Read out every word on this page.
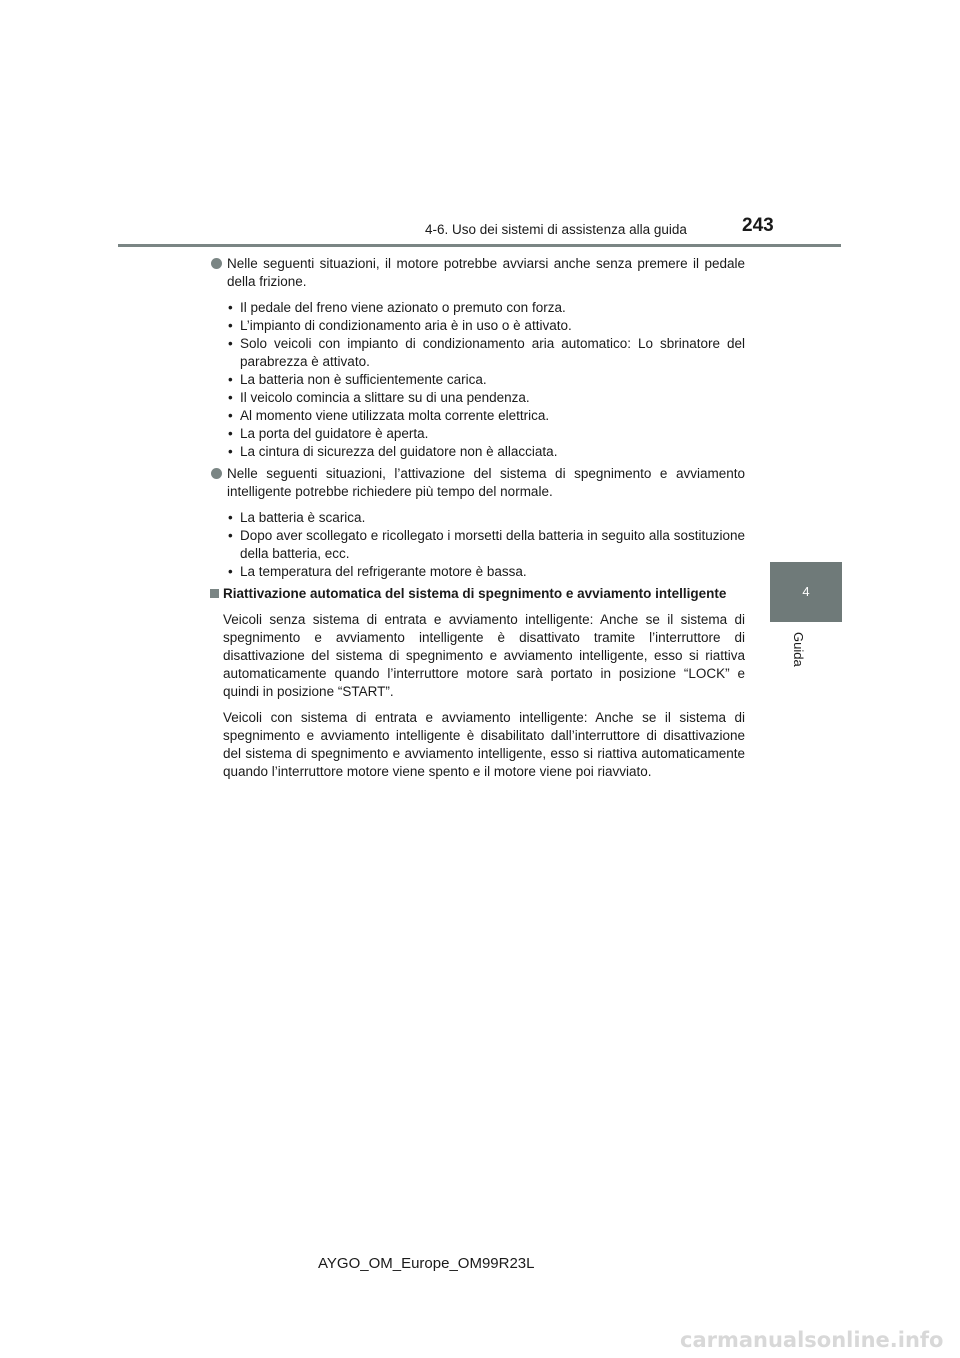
4-6. Uso dei sistemi di assistenza alla guida	243
4
Guida
Nelle seguenti situazioni, il motore potrebbe avviarsi anche senza premere il pedale della frizione.
• Il pedale del freno viene azionato o premuto con forza.
• L’impianto di condizionamento aria è in uso o è attivato.
• Solo veicoli con impianto di condizionamento aria automatico: Lo sbrinatore del parabrezza è attivato.
• La batteria non è sufficientemente carica.
• Il veicolo comincia a slittare su di una pendenza.
• Al momento viene utilizzata molta corrente elettrica.
• La porta del guidatore è aperta.
• La cintura di sicurezza del guidatore non è allacciata.
Nelle seguenti situazioni, l’attivazione del sistema di spegnimento e avviamento intelligente potrebbe richiedere più tempo del normale.
• La batteria è scarica.
• Dopo aver scollegato e ricollegato i morsetti della batteria in seguito alla sostituzione della batteria, ecc.
• La temperatura del refrigerante motore è bassa.
Riattivazione automatica del sistema di spegnimento e avviamento intelligente
Veicoli senza sistema di entrata e avviamento intelligente: Anche se il sistema di spegnimento e avviamento intelligente è disattivato tramite l’interruttore di disattivazione del sistema di spegnimento e avviamento intelligente, esso si riattiva automaticamente quando l’interruttore motore sarà portato in posizione “LOCK” e quindi in posizione “START”.
Veicoli con sistema di entrata e avviamento intelligente: Anche se il sistema di spegnimento e avviamento intelligente è disabilitato dall’interruttore di disattivazione del sistema di spegnimento e avviamento intelligente, esso si riattiva automaticamente quando l’interruttore motore viene spento e il motore viene poi riavviato.
AYGO_OM_Europe_OM99R23L
carmanualsonline.info
